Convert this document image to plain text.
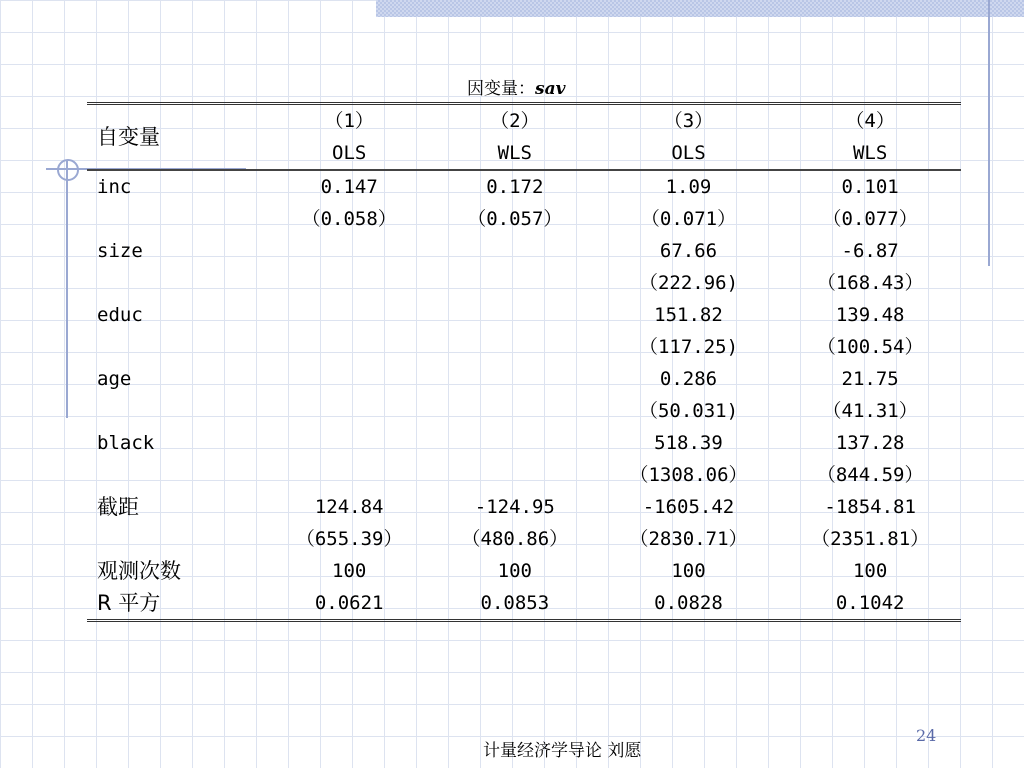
因变量：sav
自变量	（1）	（2）	（3）	（4）
	OLS	WLS	OLS	WLS
inc	0.147	0.172	1.09	0.101
	（0.058）	（0.057）	（0.071）	（0.077）
size			67.66	-6.87
			（222.96)	（168.43）
educ			151.82	139.48
			（117.25)	（100.54）
age			0.286	21.75
			（50.031)	（41.31）
black			518.39	137.28
			（1308.06）	（844.59）
截距	124.84	-124.95	-1605.42	-1854.81
	（655.39）	（480.86）	（2830.71）	（2351.81）
观测次数	100	100	100	100
R 平方	0.0621	0.0853	0.0828	0.1042
24
计量经济学导论 刘愿
